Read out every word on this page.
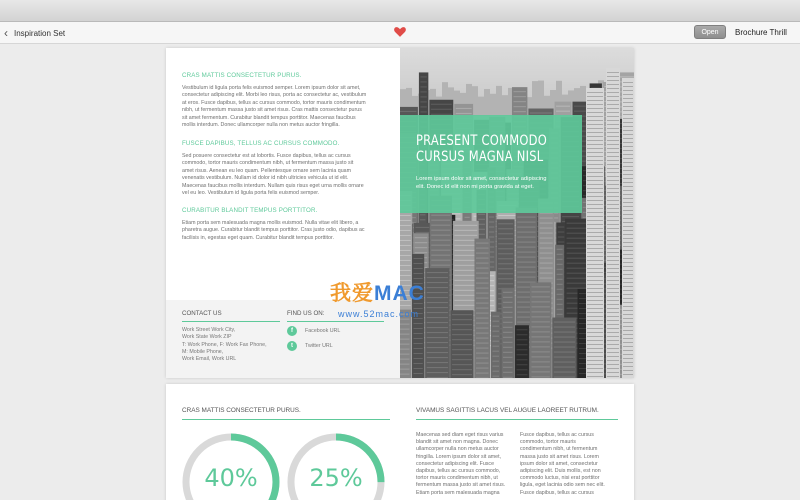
‹ Inspiration Set	Open	Brochure Thrill
CRAS MATTIS CONSECTETUR PURUS.
Vestibulum id ligula porta felis euismod semper. Lorem ipsum dolor sit amet,
consectetur adipiscing elit. Morbi leo risus, porta ac consectetur ac, vestibulum
at eros. Fusce dapibus, tellus ac cursus commodo, tortor mauris condimentum
nibh, ut fermentum massa justo sit amet risus. Cras mattis consectetur purus
sit amet fermentum. Curabitur blandit tempus porttitor. Maecenas faucibus
mollis interdum. Donec ullamcorper nulla non metus auctor fringilla.
FUSCE DAPIBUS, TELLUS AC CURSUS COMMODO.
Sed posuere consectetur est at lobortis. Fusce dapibus, tellus ac cursus
commodo, tortor mauris condimentum nibh, ut fermentum massa justo sit
amet risus. Aenean eu leo quam. Pellentesque ornare sem lacinia quam
venenatis vestibulum. Nullam id dolor id nibh ultricies vehicula ut id elit.
Maecenas faucibus mollis interdum. Nullam quis risus eget urna mollis ornare
vel eu leo. Vestibulum id ligula porta felis euismod semper.
CURABITUR BLANDIT TEMPUS PORTTITOR.
Etiam porta sem malesuada magna mollis euismod. Nulla vitae elit libero, a
pharetra augue. Curabitur blandit tempus porttitor. Cras justo odio, dapibus ac
facilisis in, egestas eget quam. Curabitur blandit tempus porttitor.
CONTACT US	FIND US ON:
Work Street Work City,
Work State Work ZIP
T: Work Phone, F: Work Fax Phone,
M: Mobile Phone,
Work Email, Work URL
f	Facebook URL
t	Twitter URL
PRAESENT COMMODO
CURSUS MAGNA NISL
Lorem ipsum dolor sit amet, consectetur adipiscing
elit. Donec id elit non mi porta gravida at eget.
我爱MAC
www.52mac.com
CRAS MATTIS CONSECTETUR PURUS.	VIVAMUS SAGITTIS LACUS VEL AUGUE LAOREET RUTRUM.
40%	25%
Maecenas sed diam eget risus varius
blandit sit amet non magna. Donec
ullamcorper nulla non metus auctor
fringilla. Lorem ipsum dolor sit amet,
consectetur adipiscing elit. Fusce
dapibus, tellus ac cursus commodo,
tortor mauris condimentum nibh, ut
fermentum massa justo sit amet risus.
Etiam porta sem malesuada magna
Fusce dapibus, tellus ac cursus
commodo, tortor mauris
condimentum nibh, ut fermentum
massa justo sit amet risus. Lorem
ipsum dolor sit amet, consectetur
adipiscing elit. Duis mollis, est non
commodo luctus, nisi erat porttitor
ligula, eget lacinia odio sem nec elit.
Fusce dapibus, tellus ac cursus
